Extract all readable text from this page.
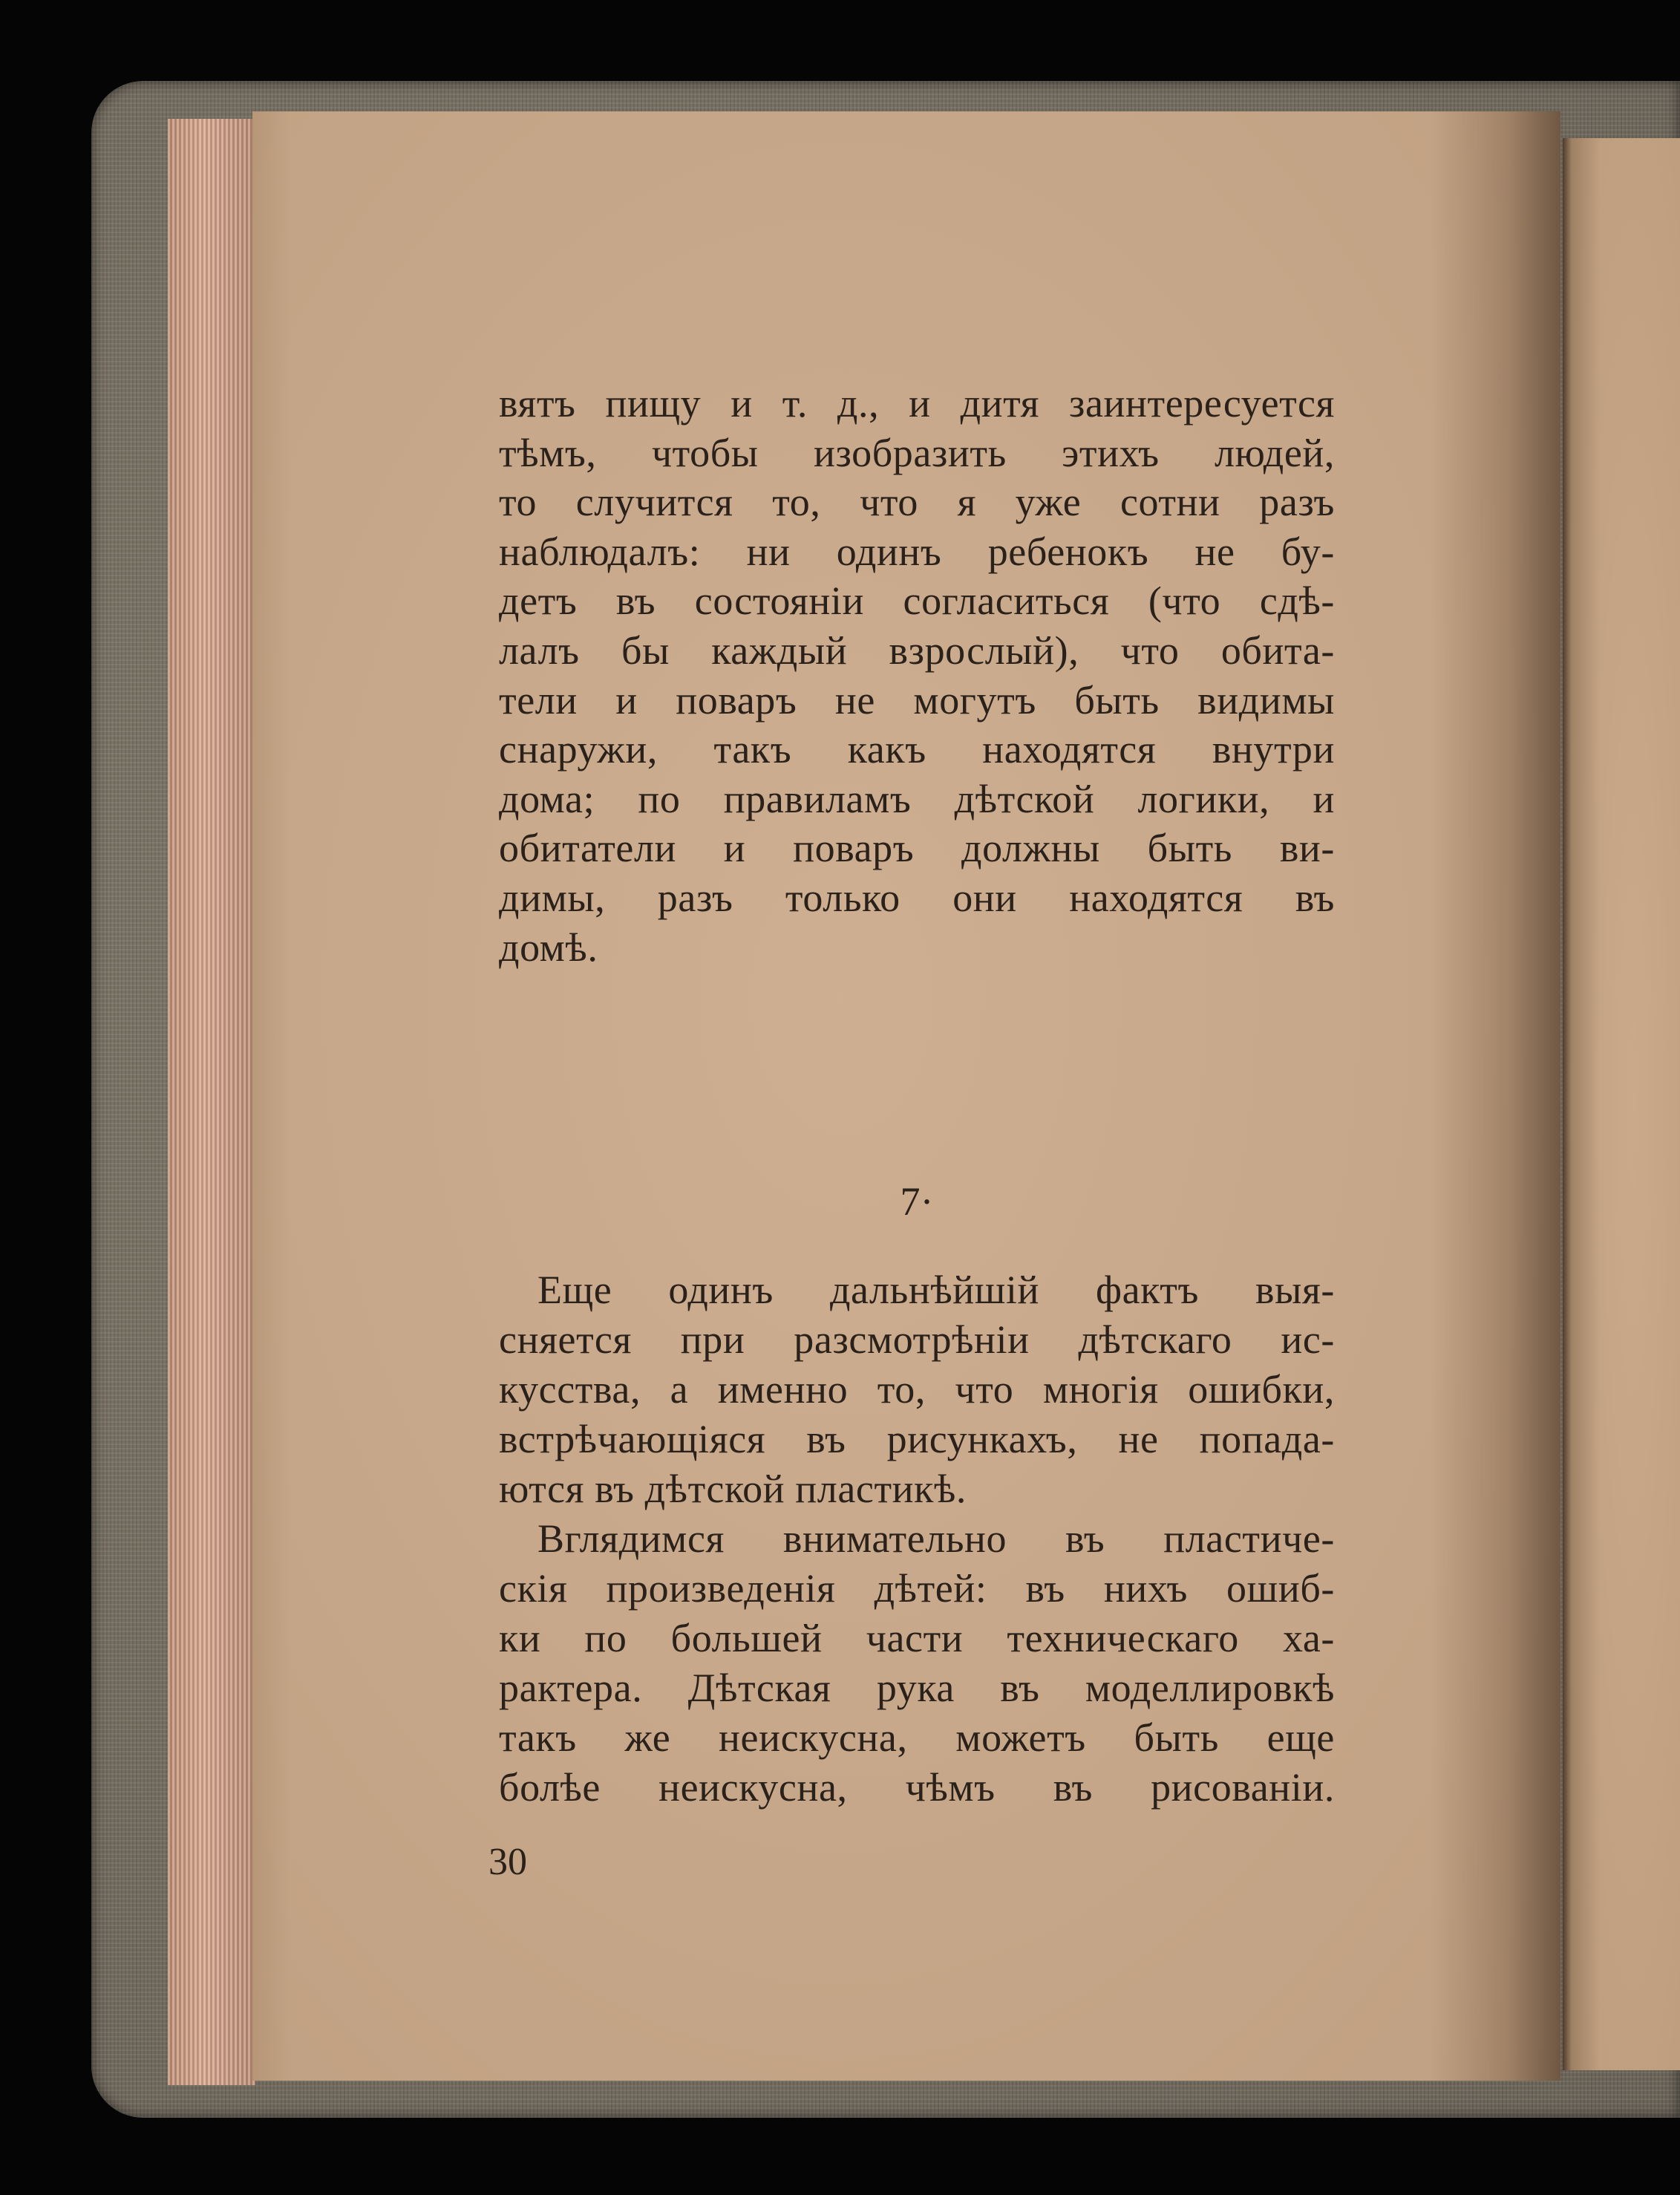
вятъ пищу и т. д., и дитя заинтересуется
тѣмъ, чтобы изобразить этихъ людей,
то случится то, что я уже сотни разъ
наблюдалъ: ни одинъ ребенокъ не бу-
детъ въ состояніи согласиться (что сдѣ-
лалъ бы каждый взрослый), что обита-
тели и поваръ не могутъ быть видимы
снаружи, такъ какъ находятся внутри
дома; по правиламъ дѣтской логики, и
обитатели и поваръ должны быть ви-
димы, разъ только они находятся въ
домѣ.
7·
Еще одинъ дальнѣйшій фактъ выя-
сняется при разсмотрѣніи дѣтскаго ис-
кусства, а именно то, что многія ошибки,
встрѣчающіяся въ рисункахъ, не попада-
ются въ дѣтской пластикѣ.
Вглядимся внимательно въ пластиче-
скія произведенія дѣтей: въ нихъ ошиб-
ки по большей части техническаго ха-
рактера. Дѣтская рука въ моделлировкѣ
такъ же неискусна, можетъ быть еще
болѣе неискусна, чѣмъ въ рисованіи.
30
